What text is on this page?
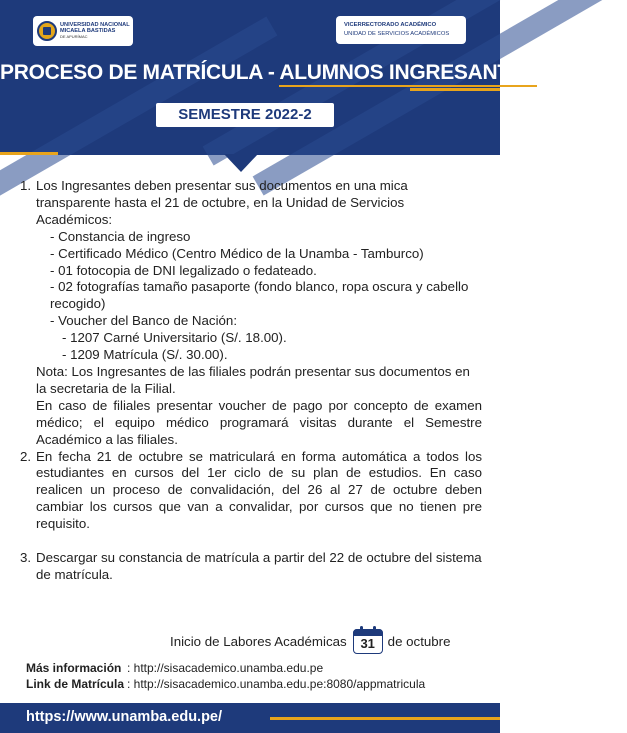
UNIVERSIDAD NACIONAL
MICAELA BASTIDAS
DE APURÍMAC
VICERRECTORADO ACADÉMICO
UNIDAD DE SERVICIOS ACADÉMICOS
PROCESO DE MATRÍCULA - ALUMNOS INGRESANTES
SEMESTRE 2022-2
1. Los Ingresantes deben presentar sus documentos en una mica transparente hasta el 21 de octubre, en la Unidad de Servicios Académicos:
- Constancia de ingreso
- Certificado Médico (Centro Médico de la Unamba - Tamburco)
- 01 fotocopia de DNI legalizado o fedateado.
- 02 fotografías tamaño pasaporte (fondo blanco, ropa oscura y cabello recogido)
- Voucher del Banco de Nación:
- 1207 Carné Universitario (S/. 18.00).
- 1209 Matrícula (S/. 30.00).
Nota: Los Ingresantes de las filiales podrán presentar sus documentos en la secretaria de la Filial.
En caso de filiales presentar voucher de pago por concepto de examen médico; el equipo médico programará visitas durante el Semestre Académico a las filiales.
2. En fecha 21 de octubre se matriculará en forma automática a todos los estudiantes en cursos del 1er ciclo de su plan de estudios. En caso realicen un proceso de convalidación, del 26 al 27 de octubre deben cambiar los cursos que van a convalidar, por cursos que no tienen pre requisito.
3. Descargar su constancia de matrícula a partir del 22 de octubre del sistema de matrícula.
Inicio de Labores Académicas 31 de octubre
Más información : http://sisacademico.unamba.edu.pe
Link de Matrícula : http://sisacademico.unamba.edu.pe:8080/appmatricula
https://www.unamba.edu.pe/
